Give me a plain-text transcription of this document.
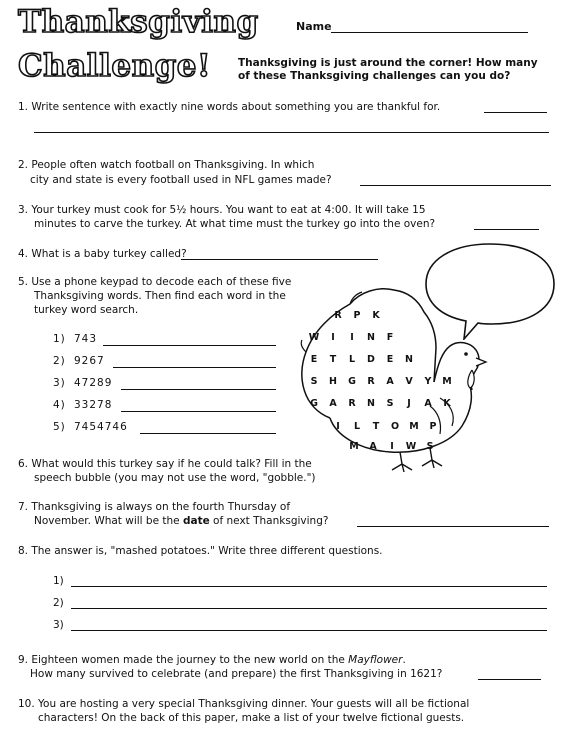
Thanksgiving
Challenge!
Name
Thanksgiving is just around the corner! How many of these Thanksgiving challenges can you do?
1. Write sentence with exactly nine words about something you are thankful for.
2. People often watch football on Thanksgiving. In which
city and state is every football used in NFL games made?
3. Your turkey must cook for 5½ hours. You want to eat at 4:00. It will take 15
minutes to carve the turkey. At what time must the turkey go into the oven?
4. What is a baby turkey called?
5. Use a phone keypad to decode each of these five
Thanksgiving words. Then find each word in the
turkey word search.
1) 743
2) 9267
3) 47289
4) 33278
5) 7454746
R	P	K
W	I	I	N	F
E	T	L	D	E	N
S	H	G	R	A	V	Y	M
G	A	R	N	S	J	A	K
I	L	T	O	M	P
M	A	I	W	S
6. What would this turkey say if he could talk? Fill in the
speech bubble (you may not use the word, "gobble.")
7. Thanksgiving is always on the fourth Thursday of
November. What will be the date of next Thanksgiving?
8. The answer is, "mashed potatoes." Write three different questions.
1)
2)
3)
9. Eighteen women made the journey to the new world on the Mayflower.
How many survived to celebrate (and prepare) the first Thanksgiving in 1621?
10. You are hosting a very special Thanksgiving dinner. Your guests will all be fictional
characters! On the back of this paper, make a list of your twelve fictional guests.
